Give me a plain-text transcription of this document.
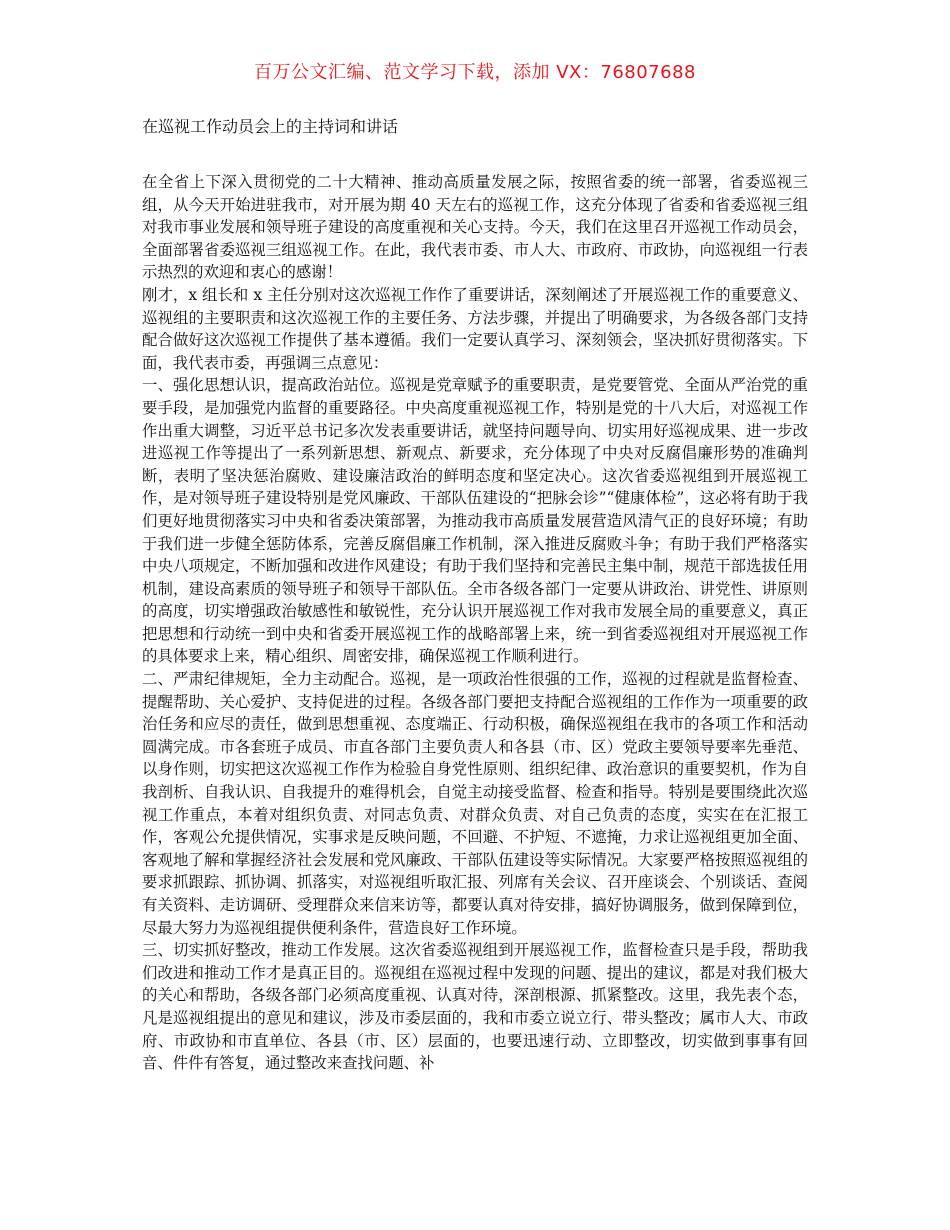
百万公文汇编、范文学习下载，添加 VX：76807688
在巡视工作动员会上的主持词和讲话

在全省上下深入贯彻党的二十大精神、推动高质量发展之际，按照省委的统一部署，省委巡视三组，从今天开始进驻我市，对开展为期 40 天左右的巡视工作，这充分体现了省委和省委巡视三组对我市事业发展和领导班子建设的高度重视和关心支持。今天，我们在这里召开巡视工作动员会，全面部署省委巡视三组巡视工作。在此，我代表市委、市人大、市政府、市政协，向巡视组一行表示热烈的欢迎和衷心的感谢！

刚才，x 组长和 x 主任分别对这次巡视工作作了重要讲话，深刻阐述了开展巡视工作的重要意义、巡视组的主要职责和这次巡视工作的主要任务、方法步骤，并提出了明确要求，为各级各部门支持配合做好这次巡视工作提供了基本遵循。我们一定要认真学习、深刻领会，坚决抓好贯彻落实。下面，我代表市委，再强调三点意见：

一、强化思想认识，提高政治站位。巡视是党章赋予的重要职责，是党要管党、全面从严治党的重要手段，是加强党内监督的重要路径。中央高度重视巡视工作，特别是党的十八大后，对巡视工作作出重大调整，习近平总书记多次发表重要讲话，就坚持问题导向、切实用好巡视成果、进一步改进巡视工作等提出了一系列新思想、新观点、新要求，充分体现了中央对反腐倡廉形势的准确判断，表明了坚决惩治腐败、建设廉洁政治的鲜明态度和坚定决心。这次省委巡视组到开展巡视工作，是对领导班子建设特别是党风廉政、干部队伍建设的“把脉会诊”“健康体检”，这必将有助于我们更好地贯彻落实习中央和省委决策部署，为推动我市高质量发展营造风清气正的良好环境；有助于我们进一步健全惩防体系，完善反腐倡廉工作机制，深入推进反腐败斗争；有助于我们严格落实中央八项规定，不断加强和改进作风建设；有助于我们坚持和完善民主集中制，规范干部选拔任用机制，建设高素质的领导班子和领导干部队伍。全市各级各部门一定要从讲政治、讲党性、讲原则的高度，切实增强政治敏感性和敏锐性，充分认识开展巡视工作对我市发展全局的重要意义，真正把思想和行动统一到中央和省委开展巡视工作的战略部署上来，统一到省委巡视组对开展巡视工作的具体要求上来，精心组织、周密安排，确保巡视工作顺利进行。

二、严肃纪律规矩，全力主动配合。巡视，是一项政治性很强的工作，巡视的过程就是监督检查、提醒帮助、关心爱护、支持促进的过程。各级各部门要把支持配合巡视组的工作作为一项重要的政治任务和应尽的责任，做到思想重视、态度端正、行动积极，确保巡视组在我市的各项工作和活动圆满完成。市各套班子成员、市直各部门主要负责人和各县（市、区）党政主要领导要率先垂范、以身作则，切实把这次巡视工作作为检验自身党性原则、组织纪律、政治意识的重要契机，作为自我剖析、自我认识、自我提升的难得机会，自觉主动接受监督、检查和指导。特别是要围绕此次巡视工作重点，本着对组织负责、对同志负责、对群众负责、对自己负责的态度，实实在在汇报工作，客观公允提供情况，实事求是反映问题，不回避、不护短、不遮掩，力求让巡视组更加全面、客观地了解和掌握经济社会发展和党风廉政、干部队伍建设等实际情况。大家要严格按照巡视组的要求抓跟踪、抓协调、抓落实，对巡视组听取汇报、列席有关会议、召开座谈会、个别谈话、查阅有关资料、走访调研、受理群众来信来访等，都要认真对待安排，搞好协调服务，做到保障到位，尽最大努力为巡视组提供便利条件，营造良好工作环境。

三、切实抓好整改，推动工作发展。这次省委巡视组到开展巡视工作，监督检查只是手段，帮助我们改进和推动工作才是真正目的。巡视组在巡视过程中发现的问题、提出的建议，都是对我们极大的关心和帮助，各级各部门必须高度重视、认真对待，深剖根源、抓紧整改。这里，我先表个态，凡是巡视组提出的意见和建议，涉及市委层面的，我和市委立说立行、带头整改；属市人大、市政府、市政协和市直单位、各县（市、区）层面的，也要迅速行动、立即整改，切实做到事事有回音、件件有答复，通过整改来查找问题、补
